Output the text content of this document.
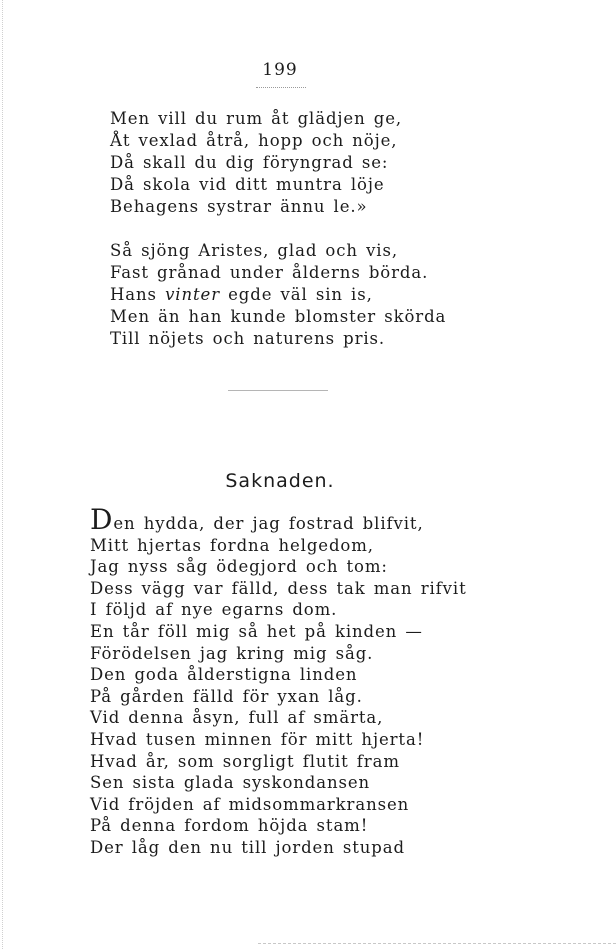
199
Men vill du rum åt glädjen ge,
Åt vexlad åtrå, hopp och nöje,
Då skall du dig föryngrad se:
Då skola vid ditt muntra löje
Behagens systrar ännu le.»
Så sjöng Aristes, glad och vis,
Fast grånad under ålderns börda.
Hans vinter egde väl sin is,
Men än han kunde blomster skörda
Till nöjets och naturens pris.
Saknaden.
Den hydda, der jag fostrad blifvit,
Mitt hjertas fordna helgedom,
Jag nyss såg ödegjord och tom:
Dess vägg var fälld, dess tak man rifvit
I följd af nye egarns dom.
En tår föll mig så het på kinden —
Förödelsen jag kring mig såg.
Den goda ålderstigna linden
På gården fälld för yxan låg.
Vid denna åsyn, full af smärta,
Hvad tusen minnen för mitt hjerta!
Hvad år, som sorgligt flutit fram
Sen sista glada syskondansen
Vid fröjden af midsommarkransen
På denna fordom höjda stam!
Der låg den nu till jorden stupad
